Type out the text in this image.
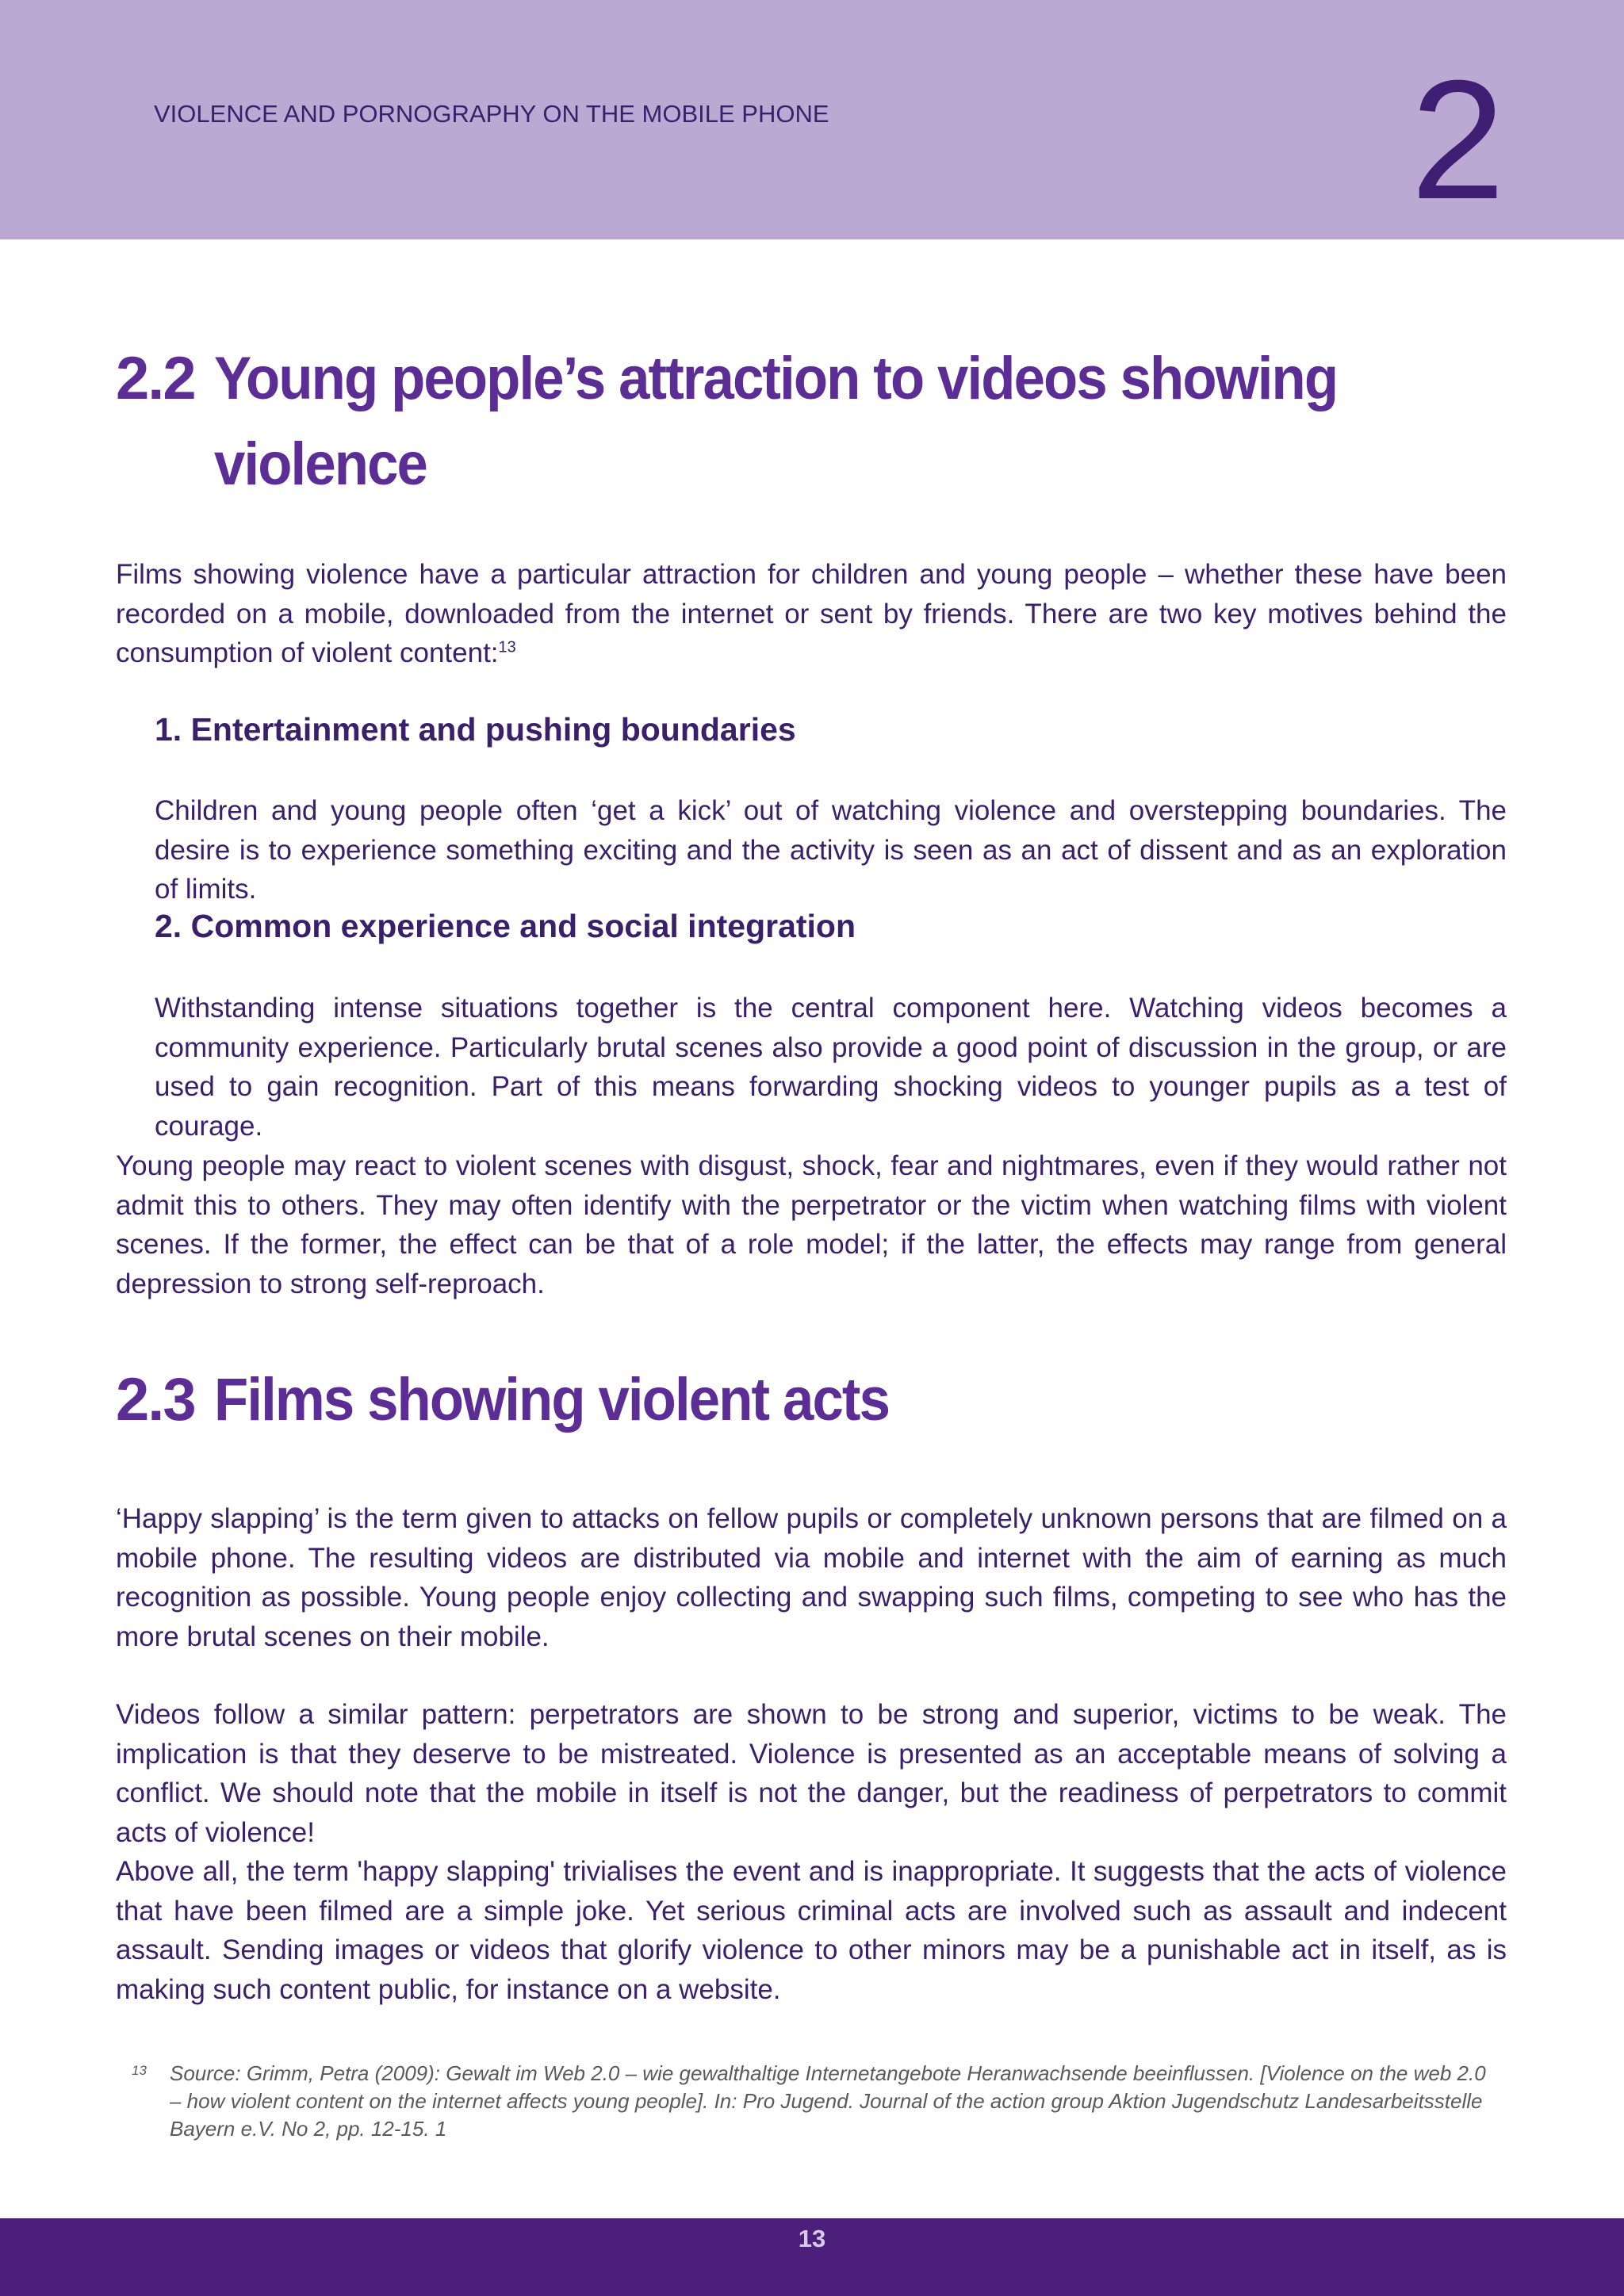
VIOLENCE AND PORNOGRAPHY ON THE MOBILE PHONE	2
2.2 Young people’s attraction to videos showing violence
Films showing violence have a particular attraction for children and young people – whether these have been recorded on a mobile, downloaded from the internet or sent by friends. There are two key motives behind the consumption of violent content:$^{13}$
1. Entertainment and pushing boundaries
Children and young people often ‘get a kick’ out of watching violence and overstepping boundaries. The desire is to experience something exciting and the activity is seen as an act of dissent and as an exploration of limits.
2. Common experience and social integration
Withstanding intense situations together is the central component here. Watching videos becomes a community experience. Particularly brutal scenes also provide a good point of discussion in the group, or are used to gain recognition. Part of this means forwarding shocking videos to younger pupils as a test of courage.
Young people may react to violent scenes with disgust, shock, fear and nightmares, even if they would rather not admit this to others. They may often identify with the perpetrator or the victim when watching films with violent scenes. If the former, the effect can be that of a role model; if the latter, the effects may range from general depression to strong self-reproach.
2.3 Films showing violent acts
‘Happy slapping’ is the term given to attacks on fellow pupils or completely unknown persons that are filmed on a mobile phone. The resulting videos are distributed via mobile and internet with the aim of earning as much recognition as possible. Young people enjoy collecting and swapping such films, competing to see who has the more brutal scenes on their mobile.
Videos follow a similar pattern: perpetrators are shown to be strong and superior, victims to be weak. The implication is that they deserve to be mistreated. Violence is presented as an acceptable means of solving a conflict. We should note that the mobile in itself is not the danger, but the readiness of perpetrators to commit acts of violence!
Above all, the term 'happy slapping' trivialises the event and is inappropriate. It suggests that the acts of violence that have been filmed are a simple joke. Yet serious criminal acts are involved such as assault and indecent assault. Sending images or videos that glorify violence to other minors may be a punishable act in itself, as is making such content public, for instance on a website.
13 Source: Grimm, Petra (2009): Gewalt im Web 2.0 – wie gewalthaltige Internetangebote Heranwachsende beeinflussen. [Violence on the web 2.0 – how violent content on the internet affects young people]. In: Pro Jugend. Journal of the action group Aktion Jugendschutz Landesarbeitsstelle Bayern e.V. No 2, pp. 12-15. 1
13
